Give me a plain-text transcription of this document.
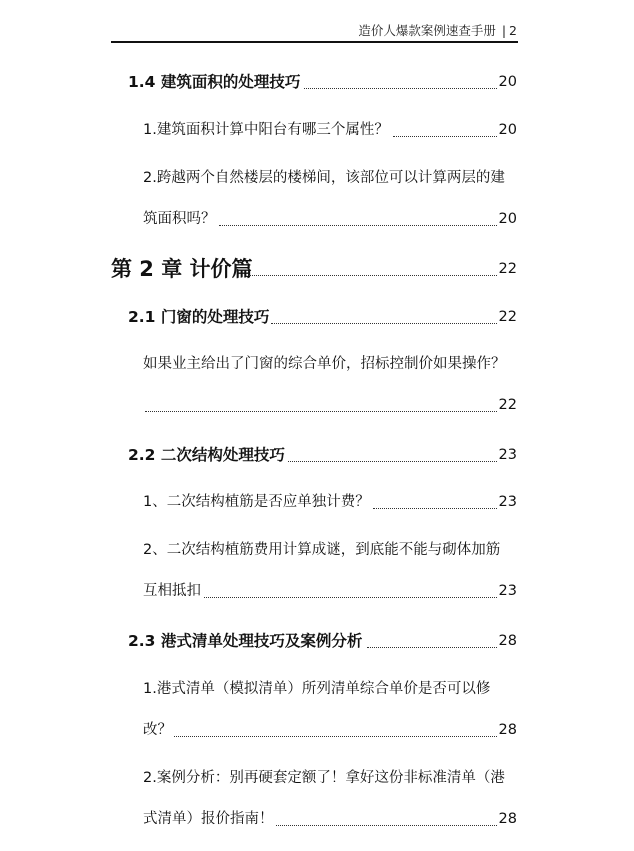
造价人爆款案例速查手册 | 2
1.4 建筑面积的处理技巧	20
1.建筑面积计算中阳台有哪三个属性？	20
2.跨越两个自然楼层的楼梯间，该部位可以计算两层的建
筑面积吗？	20
第 2 章 计价篇	22
2.1 门窗的处理技巧	22
如果业主给出了门窗的综合单价，招标控制价如果操作？
22
2.2 二次结构处理技巧	23
1、二次结构植筋是否应单独计费？	23
2、二次结构植筋费用计算成谜，到底能不能与砌体加筋
互相抵扣	23
2.3 港式清单处理技巧及案例分析	28
1.港式清单（模拟清单）所列清单综合单价是否可以修
改？	28
2.案例分析：别再硬套定额了！拿好这份非标准清单（港
式清单）报价指南！	28
